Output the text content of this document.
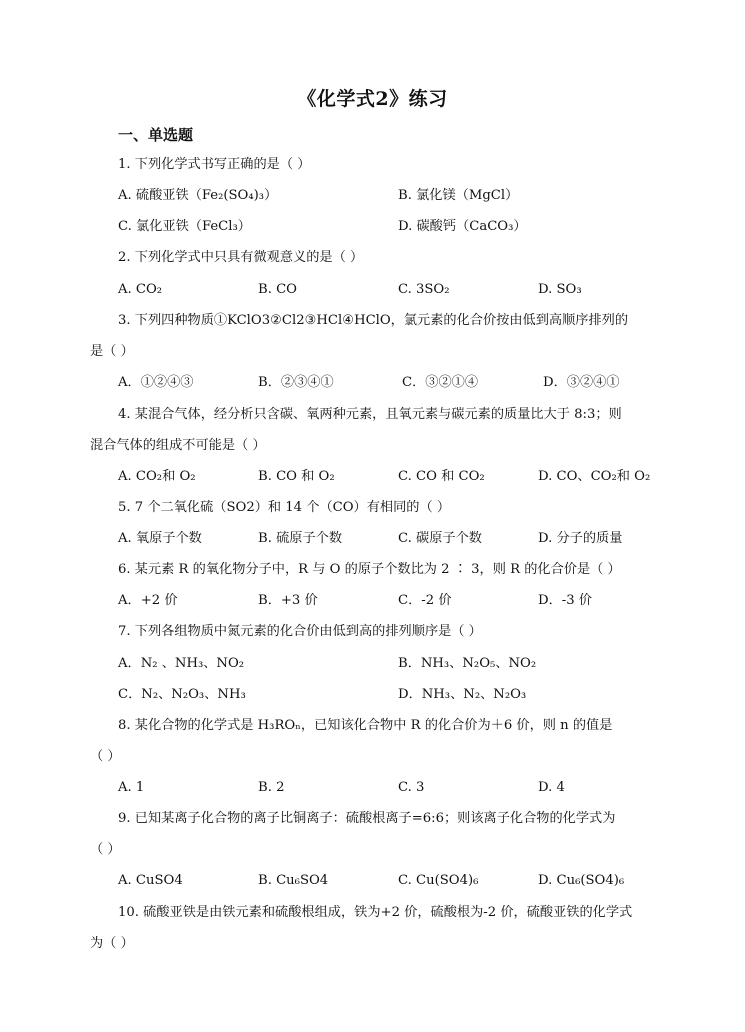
《化学式2》练习
一、单选题
1. 下列化学式书写正确的是（ ）
A. 硫酸亚铁（Fe₂(SO₄)₃）	B. 氯化镁（MgCl）
C. 氯化亚铁（FeCl₃）	D. 碳酸钙（CaCO₃）
2. 下列化学式中只具有微观意义的是（ ）
A. CO₂	B. CO	C. 3SO₂	D. SO₃
3. 下列四种物质①KClO3②Cl2③HCl④HClO，氯元素的化合价按由低到高顺序排列的
是（ ）
A．①②④③	B．②③④①	C．③②①④	D．③②④①
4. 某混合气体，经分析只含碳、氧两种元素，且氧元素与碳元素的质量比大于 8:3；则
混合气体的组成不可能是（ ）
A. CO₂和 O₂	B. CO 和 O₂	C. CO 和 CO₂	D. CO、CO₂和 O₂
5. 7 个二氧化硫（SO2）和 14 个（CO）有相同的（ ）
A. 氧原子个数	B. 硫原子个数	C. 碳原子个数	D. 分子的质量
6. 某元素 R 的氧化物分子中，R 与 O 的原子个数比为 2 ∶ 3，则 R 的化合价是（ ）
A．+2 价	B．+3 价	C．-2 价	D．-3 价
7. 下列各组物质中氮元素的化合价由低到高的排列顺序是（ ）
A．N₂ 、NH₃、NO₂	B．NH₃、N₂O₅、NO₂
C．N₂、N₂O₃、NH₃	D．NH₃、N₂、N₂O₃
8. 某化合物的化学式是 H₃ROₙ，已知该化合物中 R 的化合价为＋6 价，则 n 的值是
（ ）
A. 1	B. 2	C. 3	D. 4
9. 已知某离子化合物的离子比铜离子：硫酸根离子=6:6；则该离子化合物的化学式为
（ ）
A. CuSO4	B. Cu₆SO4	C. Cu(SO4)₆	D. Cu₆(SO4)₆
10. 硫酸亚铁是由铁元素和硫酸根组成，铁为+2 价，硫酸根为-2 价，硫酸亚铁的化学式
为（ ）
